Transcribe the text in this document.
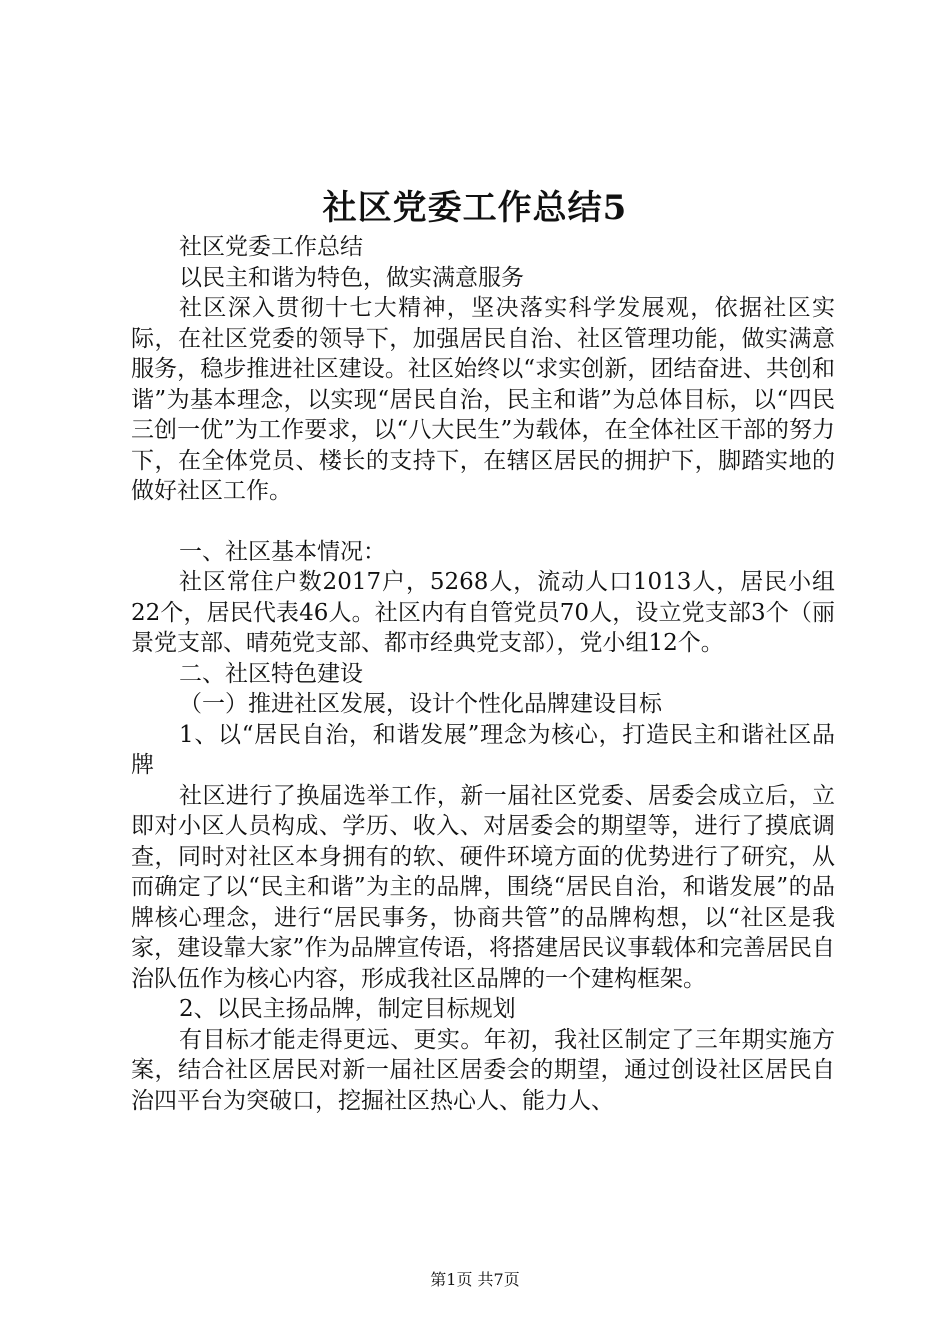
社区党委工作总结5

社区党委工作总结

以民主和谐为特色，做实满意服务

社区深入贯彻十七大精神，坚决落实科学发展观，依据社区实际，在社区党委的领导下，加强居民自治、社区管理功能，做实满意服务，稳步推进社区建设。社区始终以“求实创新，团结奋进、共创和谐”为基本理念，以实现“居民自治，民主和谐”为总体目标，以“四民三创一优”为工作要求，以“八大民生”为载体，在全体社区干部的努力下，在全体党员、楼长的支持下，在辖区居民的拥护下，脚踏实地的做好社区工作。

一、社区基本情况：

社区常住户数2017户，5268人，流动人口1013人，居民小组22个，居民代表46人。社区内有自管党员70人，设立党支部3个（丽景党支部、晴苑党支部、都市经典党支部），党小组12个。

二、社区特色建设

（一）推进社区发展，设计个性化品牌建设目标

1、以“居民自治，和谐发展”理念为核心，打造民主和谐社区品牌

社区进行了换届选举工作，新一届社区党委、居委会成立后，立即对小区人员构成、学历、收入、对居委会的期望等，进行了摸底调查，同时对社区本身拥有的软、硬件环境方面的优势进行了研究，从而确定了以“民主和谐”为主的品牌，围绕“居民自治，和谐发展”的品牌核心理念，进行“居民事务，协商共管”的品牌构想，以“社区是我家，建设靠大家”作为品牌宣传语，将搭建居民议事载体和完善居民自治队伍作为核心内容，形成我社区品牌的一个建构框架。

2、以民主扬品牌，制定目标规划

有目标才能走得更远、更实。年初，我社区制定了三年期实施方案，结合社区居民对新一届社区居委会的期望，通过创设社区居民自治四平台为突破口，挖掘社区热心人、能力人、

第1页 共7页
